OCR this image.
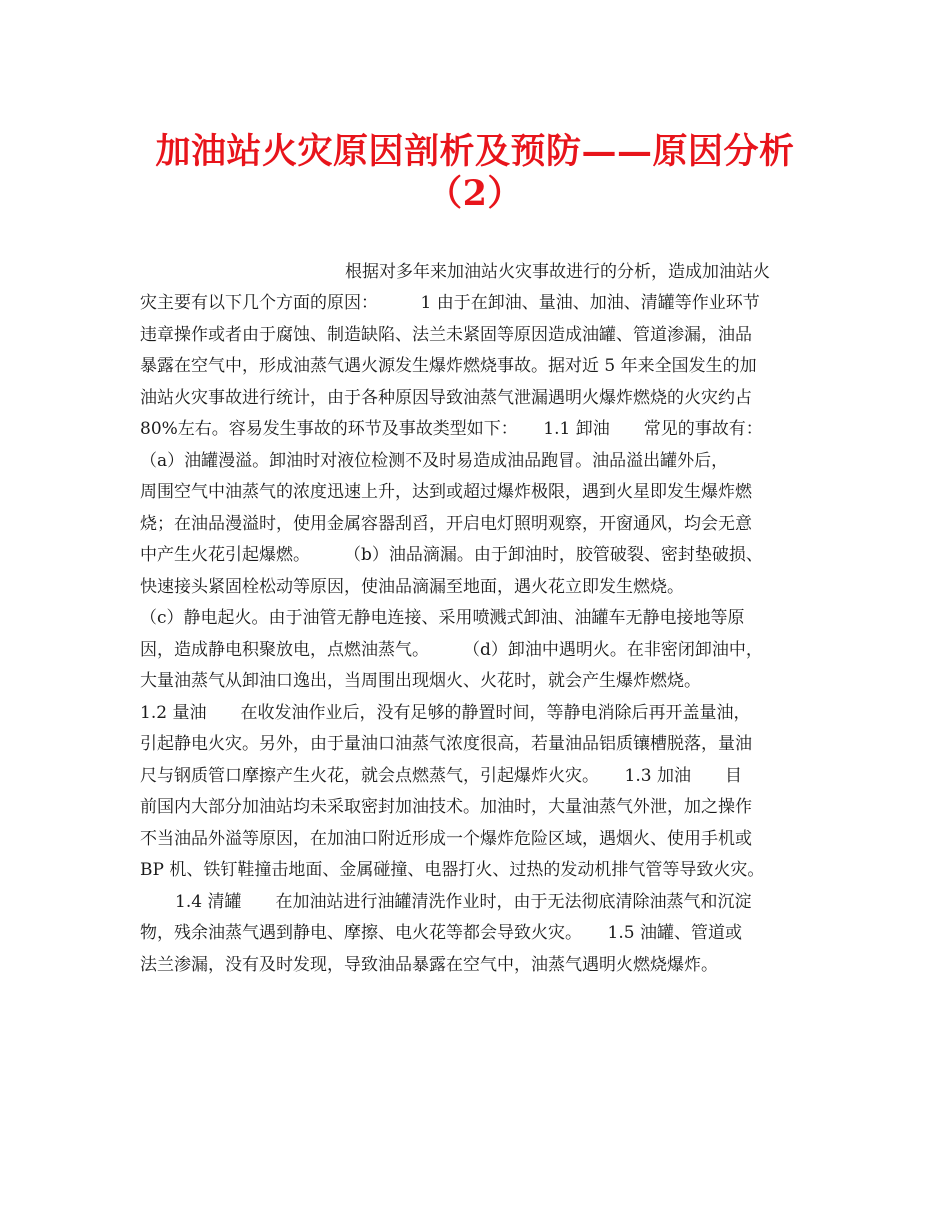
加油站火灾原因剖析及预防——原因分析
（2）
根据对多年来加油站火灾事故进行的分析，造成加油站火
灾主要有以下几个方面的原因：　　　1 由于在卸油、量油、加油、清罐等作业环节
违章操作或者由于腐蚀、制造缺陷、法兰未紧固等原因造成油罐、管道渗漏，油品
暴露在空气中，形成油蒸气遇火源发生爆炸燃烧事故。据对近 5 年来全国发生的加
油站火灾事故进行统计，由于各种原因导致油蒸气泄漏遇明火爆炸燃烧的火灾约占
80%左右。容易发生事故的环节及事故类型如下：　　1.1 卸油　　常见的事故有：
（a）油罐漫溢。卸油时对液位检测不及时易造成油品跑冒。油品溢出罐外后，
周围空气中油蒸气的浓度迅速上升，达到或超过爆炸极限，遇到火星即发生爆炸燃
烧；在油品漫溢时，使用金属容器刮舀，开启电灯照明观察，开窗通风，均会无意
中产生火花引起爆燃。　　　（b）油品滴漏。由于卸油时，胶管破裂、密封垫破损、
快速接头紧固栓松动等原因，使油品滴漏至地面，遇火花立即发生燃烧。
（c）静电起火。由于油管无静电连接、采用喷溅式卸油、油罐车无静电接地等原
因，造成静电积聚放电，点燃油蒸气。　　　（d）卸油中遇明火。在非密闭卸油中，
大量油蒸气从卸油口逸出，当周围出现烟火、火花时，就会产生爆炸燃烧。
1.2 量油　　在收发油作业后，没有足够的静置时间，等静电消除后再开盖量油，
引起静电火灾。另外，由于量油口油蒸气浓度很高，若量油品铝质镶槽脱落，量油
尺与钢质管口摩擦产生火花，就会点燃蒸气，引起爆炸火灾。　　1.3 加油　　目
前国内大部分加油站均未采取密封加油技术。加油时，大量油蒸气外泄，加之操作
不当油品外溢等原因，在加油口附近形成一个爆炸危险区域，遇烟火、使用手机或
BP 机、铁钉鞋撞击地面、金属碰撞、电器打火、过热的发动机排气管等导致火灾。
1.4 清罐　　在加油站进行油罐清洗作业时，由于无法彻底清除油蒸气和沉淀
物，残余油蒸气遇到静电、摩擦、电火花等都会导致火灾。　　1.5 油罐、管道或
法兰渗漏，没有及时发现，导致油品暴露在空气中，油蒸气遇明火燃烧爆炸。
